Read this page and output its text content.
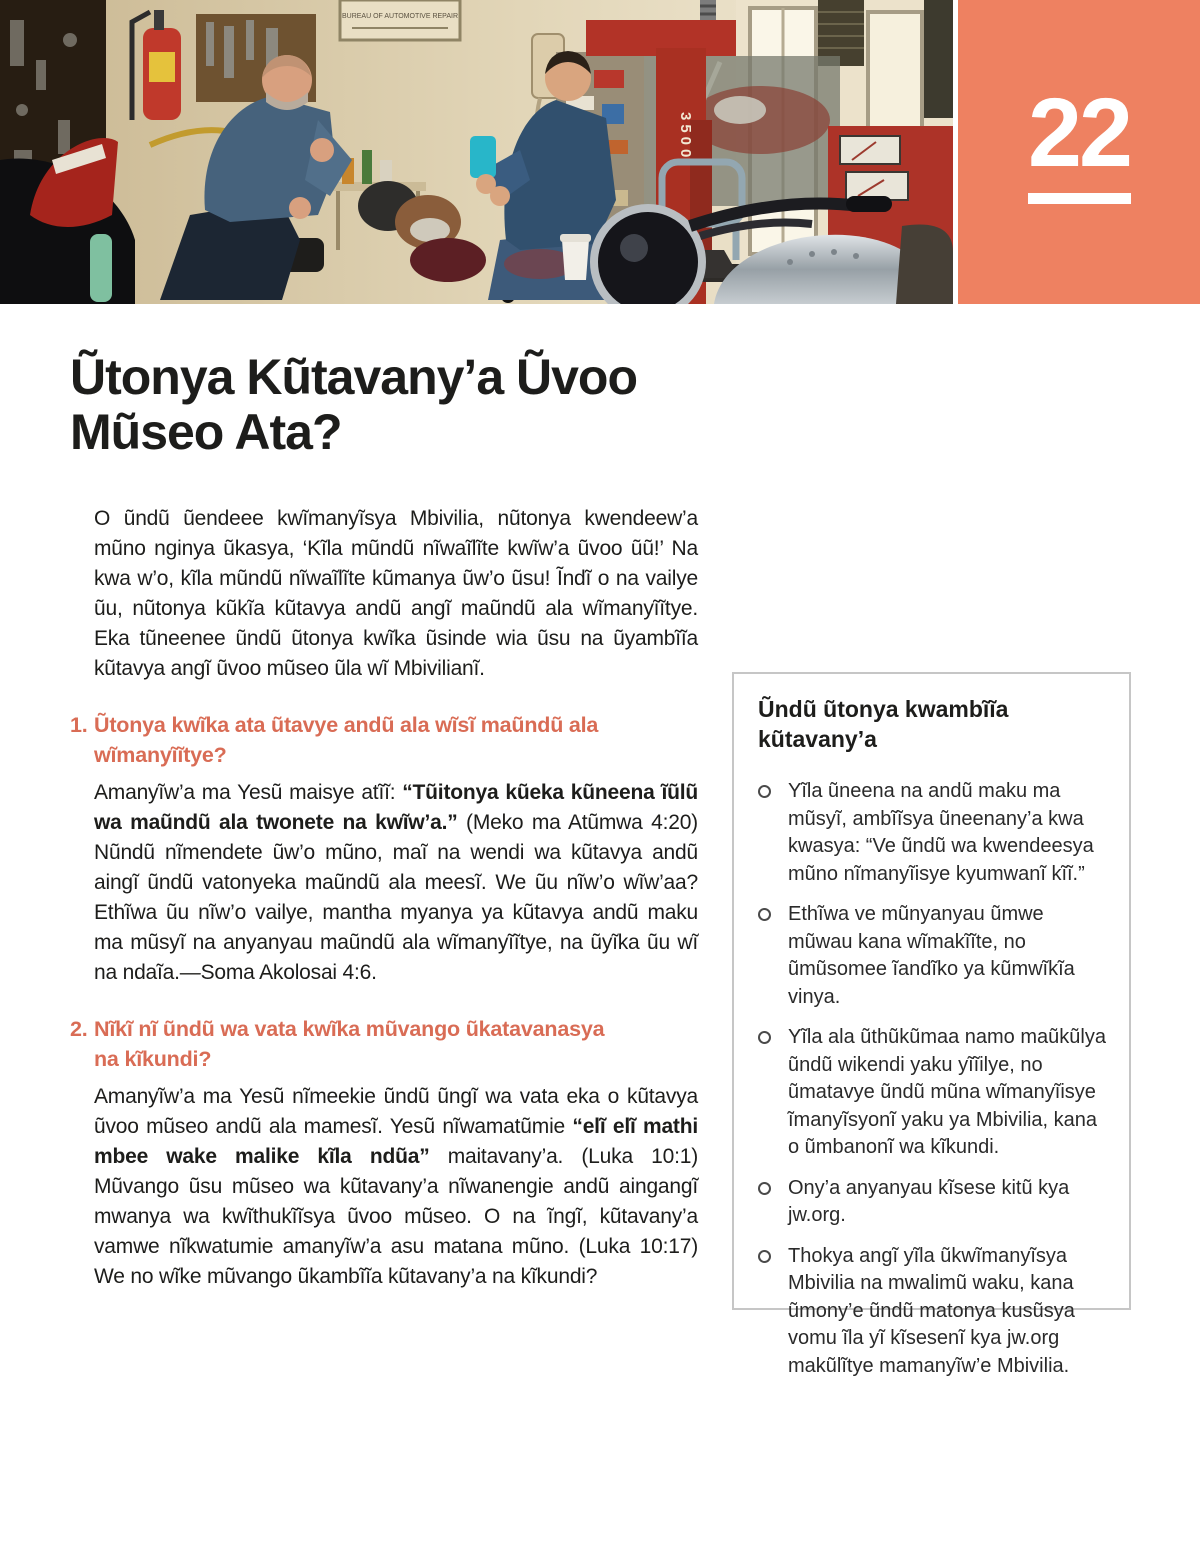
BUREAU OF AUTOMOTIVE REPAIR
3500	22
Ũtonya Kũtavany’a Ũvoo Mũseo Ata?

O ũndũ ũendeee kwĩmanyĩsya Mbivilia, nũtonya kwendeew’a mũno nginya ũkasya, ‘Kĩla mũndũ nĩwaĩlĩte kwĩw’a ũvoo ũũ!’ Na kwa w’o, kĩla mũndũ nĩwaĩlĩte kũmanya ũw’o ũsu! Ĩndĩ o na vailye ũu, nũtonya kũkĩa kũtavya andũ angĩ maũndũ ala wĩmanyĩĩtye. Eka tũneenee ũndũ ũtonya kwĩka ũsinde wia ũsu na ũyambĩĩa kũtavya angĩ ũvoo mũseo ũla wĩ Mbivilianĩ.

1. Ũtonya kwĩka ata ũtavye andũ ala wĩsĩ maũndũ ala wĩmanyĩĩtye?

Amanyĩw’a ma Yesũ maisye atĩĩ: “Tũitonya kũeka kũneena ĩũlũ wa maũndũ ala twonete na kwĩw’a.” (Meko ma Atũmwa 4:20) Nũndũ nĩmendete ũw’o mũno, maĩ na wendi wa kũtavya andũ aingĩ ũndũ vatonyeka maũndũ ala meesĩ. We ũu nĩw’o wĩw’aa? Ethĩwa ũu nĩw’o vailye, mantha myanya ya kũtavya andũ maku ma mũsyĩ na anyanyau maũndũ ala wĩmanyĩĩtye, na ũyĩka ũu wĩ na ndaĩa.—Soma Akolosai 4:6.

2. Nĩkĩ nĩ ũndũ wa vata kwĩka mũvango ũkatavanasya na kĩkundi?

Amanyĩw’a ma Yesũ nĩmeekie ũndũ ũngĩ wa vata eka o kũtavya ũvoo mũseo andũ ala mamesĩ. Yesũ nĩwamatũmie “elĩ elĩ mathi mbee wake malike kĩla ndũa” maitavany’a. (Luka 10:1) Mũvango ũsu mũseo wa kũtavany’a nĩwanengie andũ aingangĩ mwanya wa kwĩthukĩĩsya ũvoo mũseo. O na ĩngĩ, kũtavany’a vamwe nĩkwatumie amanyĩw’a asu matana mũno. (Luka 10:17) We no wĩke mũvango ũkambĩĩa kũtavany’a na kĩkundi?

Ũndũ ũtonya kwambĩĩa kũtavany’a
Yĩla ũneena na andũ maku ma mũsyĩ, ambĩĩsya ũneenany’a kwa kwasya: “Ve ũndũ wa kwendeesya mũno nĩmanyĩisye kyumwanĩ kĩĩ.”
Ethĩwa ve mũnyanyau ũmwe mũwau kana wĩmakĩĩte, no ũmũsomee ĩandĩko ya kũmwĩkĩa vinya.
Yĩla ala ũthũkũmaa namo maũkũlya ũndũ wikendi yaku yĩĩilye, no ũmatavye ũndũ mũna wĩmanyĩisye ĩmanyĩsyonĩ yaku ya Mbivilia, kana o ũmbanonĩ wa kĩkundi.
Ony’a anyanyau kĩsese kitũ kya jw.org.
Thokya angĩ yĩla ũkwĩmanyĩsya Mbivilia na mwalimũ waku, kana ũmony’e ũndũ matonya kusũsya vomu ĩla yĩ kĩsesenĩ kya jw.org makũlĩtye mamanyĩw’e Mbivilia.
